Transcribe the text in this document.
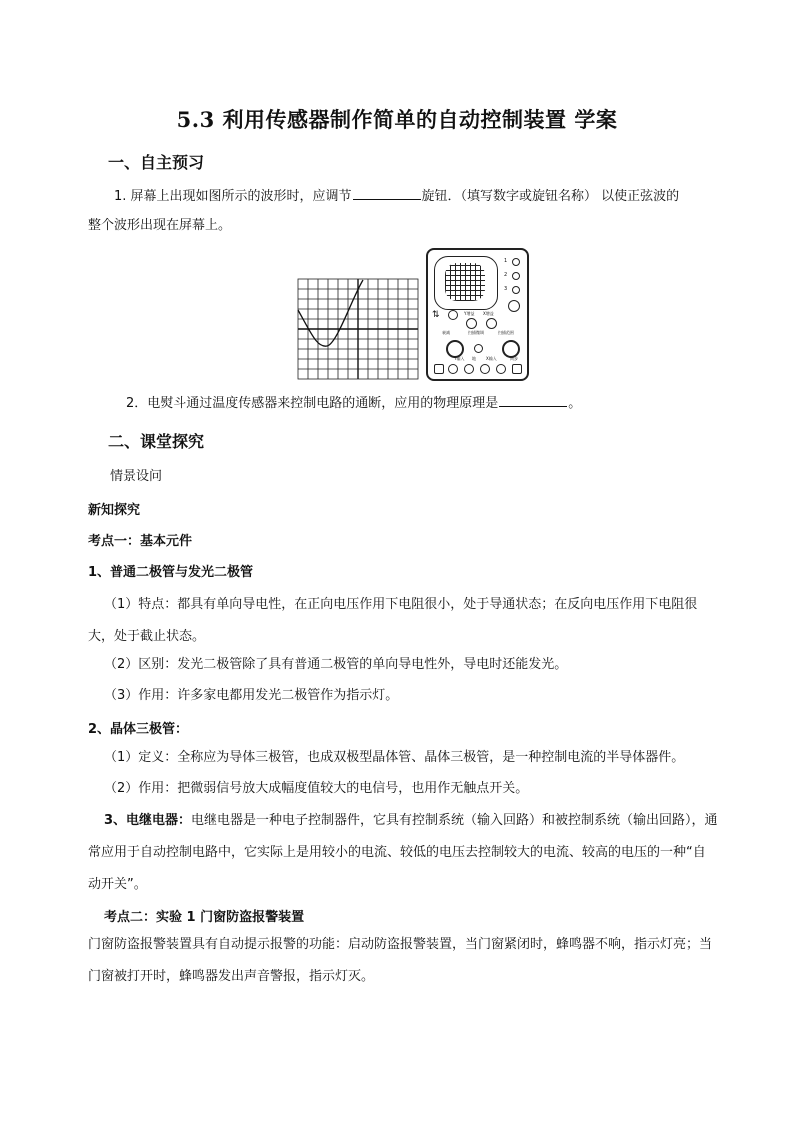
5.3 利用传感器制作简单的自动控制装置 学案
一、自主预习
1. 屏幕上出现如图所示的波形时，应调节	旋钮．（填写数字或旋钮名称） 以使正弦波的
整个波形出现在屏幕上。
1
2
3
⇅	Y增益 X增益
衰减	扫描微调	扫描范围
Y输入 地	X输入	同步
2．电熨斗通过温度传感器来控制电路的通断，应用的物理原理是	。
二、课堂探究
情景设问
新知探究
考点一：基本元件
1、普通二极管与发光二极管
（1）特点：都具有单向导电性，在正向电压作用下电阻很小，处于导通状态；在反向电压作用下电阻很大，处于截止状态。
（2）区别：发光二极管除了具有普通二极管的单向导电性外，导电时还能发光。
（3）作用：许多家电都用发光二极管作为指示灯。
2、晶体三极管：
（1）定义：全称应为导体三极管，也成双极型晶体管、晶体三极管，是一种控制电流的半导体器件。
（2）作用：把微弱信号放大成幅度值较大的电信号，也用作无触点开关。
3、电继电器：电继电器是一种电子控制器件，它具有控制系统（输入回路）和被控制系统（输出回路），通常应用于自动控制电路中，它实际上是用较小的电流、较低的电压去控制较大的电流、较高的电压的一种“自动开关”。
考点二：实验 1 门窗防盗报警装置
门窗防盗报警装置具有自动提示报警的功能：启动防盗报警装置，当门窗紧闭时，蜂鸣器不响，指示灯亮；当门窗被打开时，蜂鸣器发出声音警报，指示灯灭。
